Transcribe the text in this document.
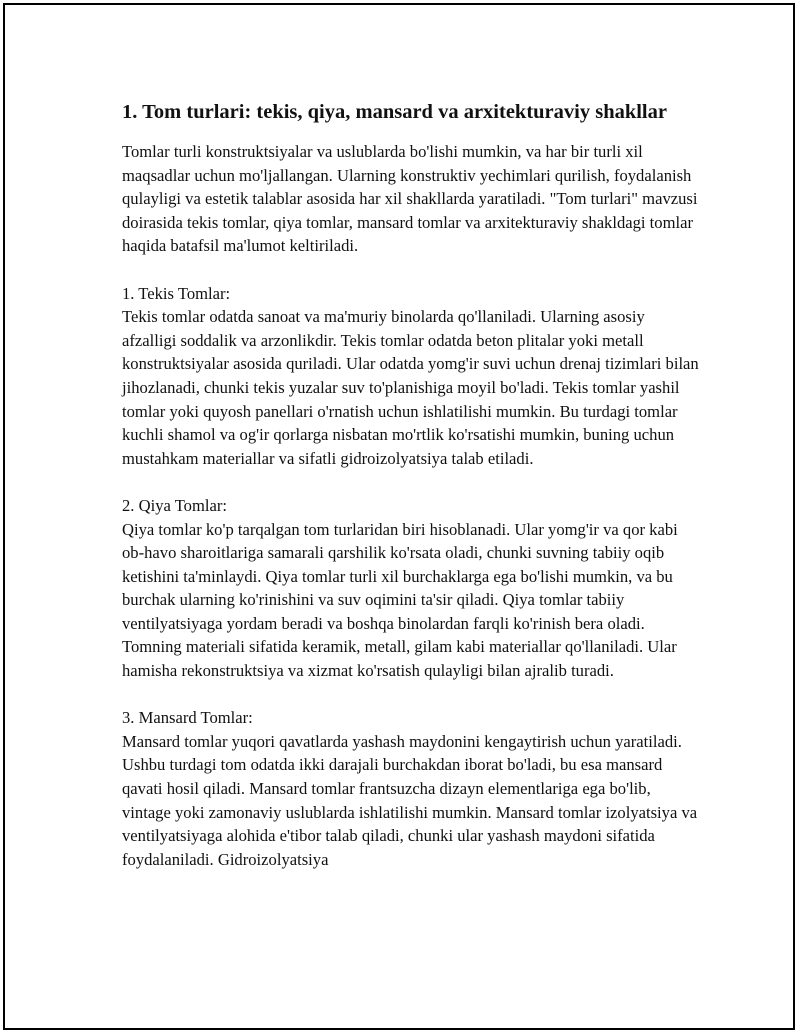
1. Tom turlari: tekis, qiya, mansard va arxitekturaviy shakllar

Tomlar turli konstruktsiyalar va uslublarda bo'lishi mumkin, va har bir turli xil maqsadlar uchun mo'ljallangan. Ularning konstruktiv yechimlari qurilish, foydalanish qulayligi va estetik talablar asosida har xil shakllarda yaratiladi. "Tom turlari" mavzusi doirasida tekis tomlar, qiya tomlar, mansard tomlar va arxitekturaviy shakldagi tomlar haqida batafsil ma'lumot keltiriladi.

1. Tekis Tomlar:

Tekis tomlar odatda sanoat va ma'muriy binolarda qo'llaniladi. Ularning asosiy afzalligi soddalik va arzonlikdir. Tekis tomlar odatda beton plitalar yoki metall konstruktsiyalar asosida quriladi. Ular odatda yomg'ir suvi uchun drenaj tizimlari bilan jihozlanadi, chunki tekis yuzalar suv to'planishiga moyil bo'ladi. Tekis tomlar yashil tomlar yoki quyosh panellari o'rnatish uchun ishlatilishi mumkin. Bu turdagi tomlar kuchli shamol va og'ir qorlarga nisbatan mo'rtlik ko'rsatishi mumkin, buning uchun mustahkam materiallar va sifatli gidroizolyatsiya talab etiladi.

2. Qiya Tomlar:

Qiya tomlar ko'p tarqalgan tom turlaridan biri hisoblanadi. Ular yomg'ir va qor kabi ob-havo sharoitlariga samarali qarshilik ko'rsata oladi, chunki suvning tabiiy oqib ketishini ta'minlaydi. Qiya tomlar turli xil burchaklarga ega bo'lishi mumkin, va bu burchak ularning ko'rinishini va suv oqimini ta'sir qiladi. Qiya tomlar tabiiy ventilyatsiyaga yordam beradi va boshqa binolardan farqli ko'rinish bera oladi. Tomning materiali sifatida keramik, metall, gilam kabi materiallar qo'llaniladi. Ular hamisha rekonstruktsiya va xizmat ko'rsatish qulayligi bilan ajralib turadi.

3. Mansard Tomlar:

Mansard tomlar yuqori qavatlarda yashash maydonini kengaytirish uchun yaratiladi. Ushbu turdagi tom odatda ikki darajali burchakdan iborat bo'ladi, bu esa mansard qavati hosil qiladi. Mansard tomlar frantsuzcha dizayn elementlariga ega bo'lib, vintage yoki zamonaviy uslublarda ishlatilishi mumkin. Mansard tomlar izolyatsiya va ventilyatsiyaga alohida e'tibor talab qiladi, chunki ular yashash maydoni sifatida foydalaniladi. Gidroizolyatsiya
